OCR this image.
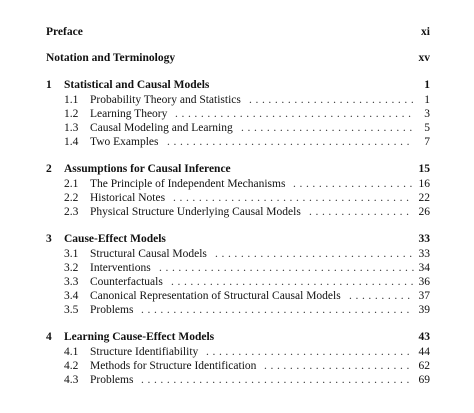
Preface	xi
Notation and Terminology	xv
1 Statistical and Causal Models	1
1.1 Probability Theory and Statistics .......................... 1
1.2 Learning Theory ..................................... 3
1.3 Causal Modeling and Learning ........................... 5
1.4 Two Examples ...................................... 7
2 Assumptions for Causal Inference	15
2.1 The Principle of Independent Mechanisms ................... 16
2.2 Historical Notes ..................................... 22
2.3 Physical Structure Underlying Causal Models ................ 26
3 Cause-Effect Models	33
3.1 Structural Causal Models ............................... 33
3.2 Interventions ........................................ 34
3.3 Counterfactuals ...................................... 36
3.4 Canonical Representation of Structural Causal Models .......... 37
3.5 Problems .......................................... 39
4 Learning Cause-Effect Models	43
4.1 Structure Identifiability ................................ 44
4.2 Methods for Structure Identification ....................... 62
4.3 Problems .......................................... 69
